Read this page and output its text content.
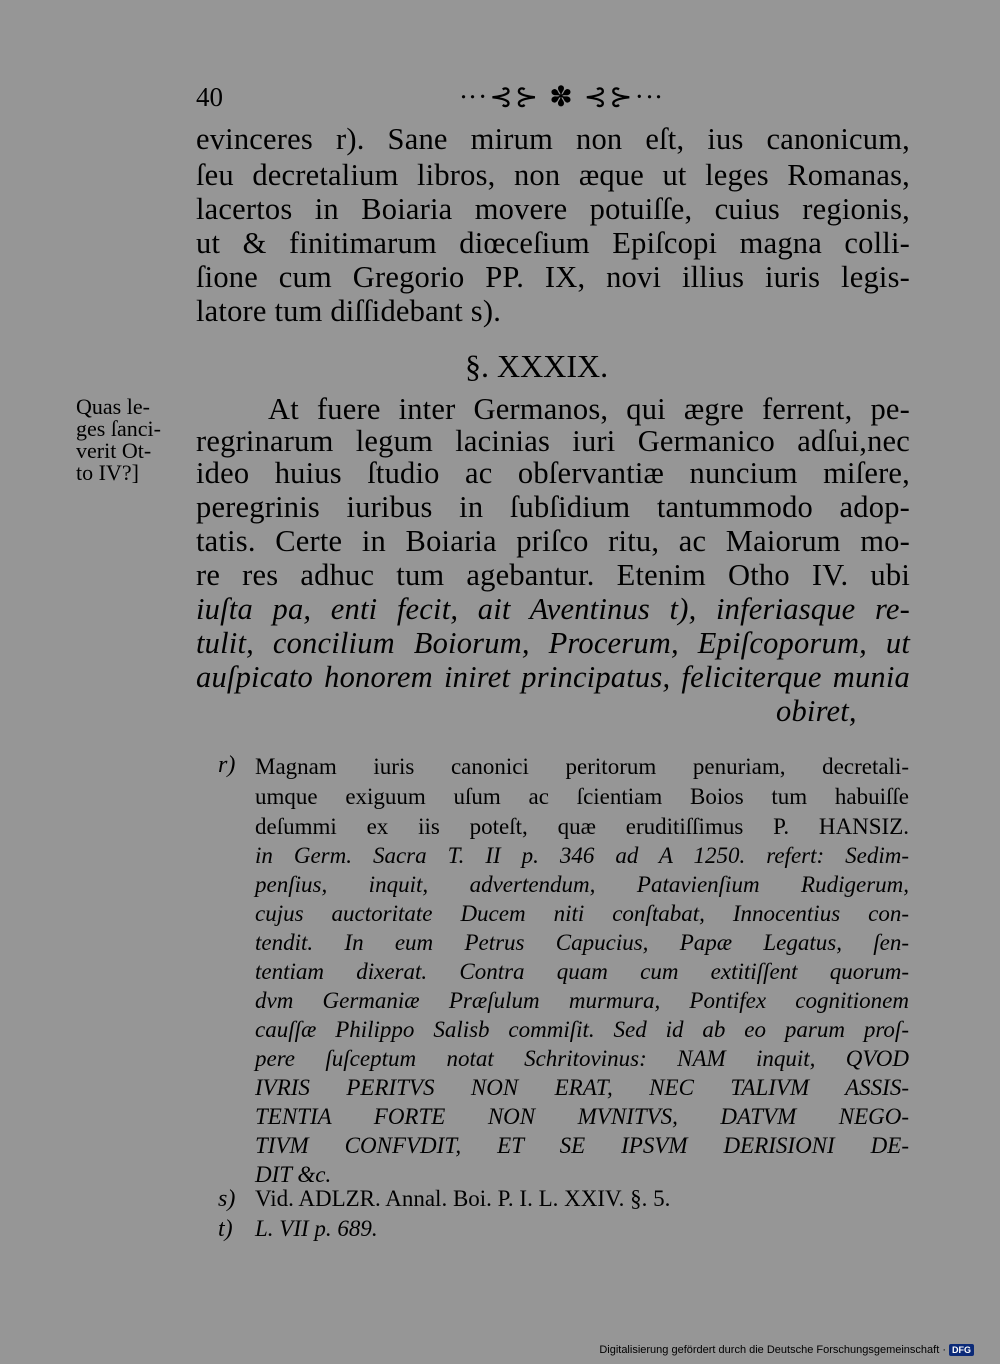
40	∙∙·⊰⊱ ✽ ⊰⊱·∙∙
evinceres r). Sane mirum non eſt, ius canonicum,
ſeu decretalium libros, non æque ut leges Romanas,
lacertos in Boiaria movere potuiſſe, cuius regionis,
ut & finitimarum diœceſium Epiſcopi magna colli-
ſione cum Gregorio PP. IX, novi illius iuris legis-
latore tum diſſidebant s).
§. XXXIX.
Quas le-
ges ſanci-
verit Ot-
to IV?]
At fuere inter Germanos, qui ægre ferrent, pe-
regrinarum legum lacinias iuri Germanico adſui,nec
ideo huius ſtudio ac obſervantiæ nuncium miſere,
peregrinis iuribus in ſubſidium tantummodo adop-
tatis. Certe in Boiaria priſco ritu, ac Maiorum mo-
re res adhuc tum agebantur. Etenim Otho IV. ubi
iuſta pa, enti fecit, ait Aventinus t), inferiasque re-
tulit, concilium Boiorum, Procerum, Epiſcoporum, ut
auſpicato honorem iniret principatus, feliciterque munia
obiret,
r) Magnam iuris canonici peritorum penuriam, decretali-
umque exiguum uſum ac ſcientiam Boios tum habuiſſe
deſummi ex iis poteſt, quæ eruditiſſimus P. HANSIZ.
in Germ. Sacra T. II p. 346 ad A 1250. refert: Sedim-
penſius, inquit, advertendum, Patavienſium Rudigerum,
cujus auctoritate Ducem niti conſtabat, Innocentius con-
tendit. In eum Petrus Capucius, Papæ Legatus, ſen-
tentiam dixerat. Contra quam cum extitiſſent quorum-
dvm Germaniæ Præſulum murmura, Pontifex cognitionem
cauſſæ Philippo Salisb commiſit. Sed id ab eo parum proſ-
pere ſuſceptum notat Schritovinus: NAM inquit, QVOD
IVRIS PERITVS NON ERAT, NEC TALIVM ASSIS-
TENTIA FORTE NON MVNITVS, DATVM NEGO-
TIVM CONFVDIT, ET SE IPSVM DERISIONI DE-
DIT &c.
s) Vid. ADLZR. Annal. Boi. P. I. L. XXIV. §. 5.
t) L. VII p. 689.
Digitalisierung gefördert durch die Deutsche Forschungsgemeinschaft · DFG
